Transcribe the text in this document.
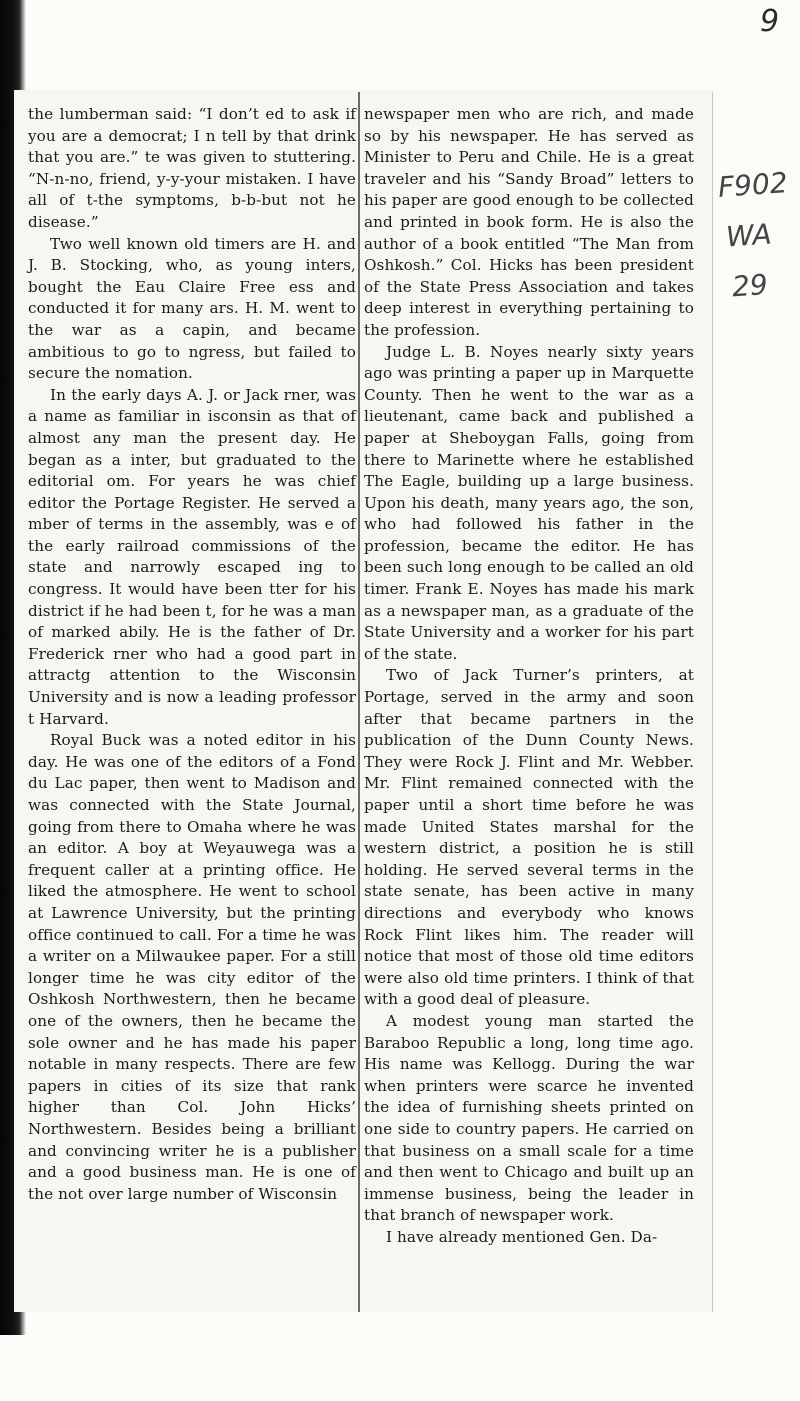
9
F902
WA
29

the lumberman said: “I don’t ed to ask if you are a democrat; I n tell by that drink that you are.” te was given to stuttering. “N-n-no, friend, y-y-your mistaken. I have all of t-the symptoms, b-b-but not he disease.”

Two well known old timers are H. and J. B. Stocking, who, as young inters, bought the Eau Claire Free ess and conducted it for many ars. H. M. went to the war as a capin, and became ambitious to go to ngress, but failed to secure the nomation.

In the early days A. J. or Jack rner, was a name as familiar in isconsin as that of almost any man the present day. He began as a inter, but graduated to the editorial om. For years he was chief editor the Portage Register. He served a mber of terms in the assembly, was e of the early railroad commissions of the state and narrowly escaped ing to congress. It would have been tter for his district if he had been t, for he was a man of marked abily. He is the father of Dr. Frederick rner who had a good part in attractg attention to the Wisconsin University and is now a leading professor t Harvard.

Royal Buck was a noted editor in his day. He was one of the editors of a Fond du Lac paper, then went to Madison and was connected with the State Journal, going from there to Omaha where he was an editor. A boy at Weyauwega was a frequent caller at a printing office. He liked the atmosphere. He went to school at Lawrence University, but the printing office continued to call. For a time he was a writer on a Milwaukee paper. For a still longer time he was city editor of the Oshkosh Northwestern, then he became one of the owners, then he became the sole owner and he has made his paper notable in many respects. There are few papers in cities of its size that rank higher than Col. John Hicks’ Northwestern. Besides being a brilliant and convincing writer he is a publisher and a good business man. He is one of the not over large number of Wisconsin

newspaper men who are rich, and made so by his newspaper. He has served as Minister to Peru and Chile. He is a great traveler and his “Sandy Broad” letters to his paper are good enough to be collected and printed in book form. He is also the author of a book entitled “The Man from Oshkosh.” Col. Hicks has been president of the State Press Association and takes deep interest in everything pertaining to the profession.

Judge L. B. Noyes nearly sixty years ago was printing a paper up in Marquette County. Then he went to the war as a lieutenant, came back and published a paper at Sheboygan Falls, going from there to Marinette where he established The Eagle, building up a large business. Upon his death, many years ago, the son, who had followed his father in the profession, became the editor. He has been such long enough to be called an old timer. Frank E. Noyes has made his mark as a newspaper man, as a graduate of the State University and a worker for his part of the state.

Two of Jack Turner’s printers, at Portage, served in the army and soon after that became partners in the publication of the Dunn County News. They were Rock J. Flint and Mr. Webber. Mr. Flint remained connected with the paper until a short time before he was made United States marshal for the western district, a position he is still holding. He served several terms in the state senate, has been active in many directions and everybody who knows Rock Flint likes him. The reader will notice that most of those old time editors were also old time printers. I think of that with a good deal of pleasure.

A modest young man started the Baraboo Republic a long, long time ago. His name was Kellogg. During the war when printers were scarce he invented the idea of furnishing sheets printed on one side to country papers. He carried on that business on a small scale for a time and then went to Chicago and built up an immense business, being the leader in that branch of newspaper work.

I have already mentioned Gen. Da-
